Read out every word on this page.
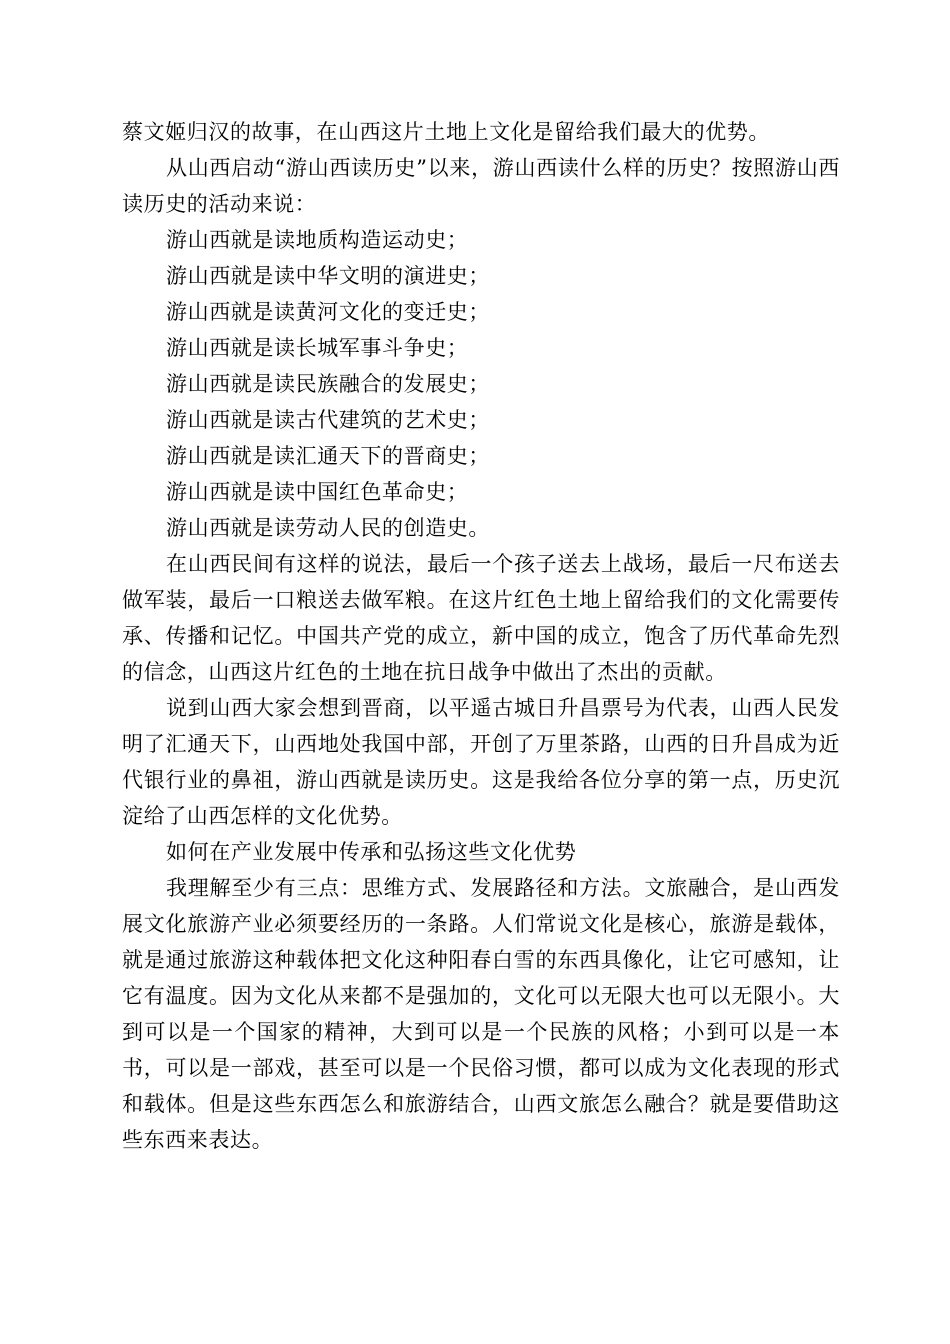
蔡文姬归汉的故事，在山西这片土地上文化是留给我们最大的优势。

从山西启动“游山西读历史”以来，游山西读什么样的历史？按照游山西读历史的活动来说：

游山西就是读地质构造运动史；

游山西就是读中华文明的演进史；

游山西就是读黄河文化的变迁史；

游山西就是读长城军事斗争史；

游山西就是读民族融合的发展史；

游山西就是读古代建筑的艺术史；

游山西就是读汇通天下的晋商史；

游山西就是读中国红色革命史；

游山西就是读劳动人民的创造史。

在山西民间有这样的说法，最后一个孩子送去上战场，最后一尺布送去做军装，最后一口粮送去做军粮。在这片红色土地上留给我们的文化需要传承、传播和记忆。中国共产党的成立，新中国的成立，饱含了历代革命先烈的信念，山西这片红色的土地在抗日战争中做出了杰出的贡献。

说到山西大家会想到晋商，以平遥古城日升昌票号为代表，山西人民发明了汇通天下，山西地处我国中部，开创了万里茶路，山西的日升昌成为近代银行业的鼻祖，游山西就是读历史。这是我给各位分享的第一点，历史沉淀给了山西怎样的文化优势。

如何在产业发展中传承和弘扬这些文化优势

我理解至少有三点：思维方式、发展路径和方法。文旅融合，是山西发展文化旅游产业必须要经历的一条路。人们常说文化是核心，旅游是载体，就是通过旅游这种载体把文化这种阳春白雪的东西具像化，让它可感知，让它有温度。因为文化从来都不是强加的，文化可以无限大也可以无限小。大到可以是一个国家的精神，大到可以是一个民族的风格；小到可以是一本书，可以是一部戏，甚至可以是一个民俗习惯，都可以成为文化表现的形式和载体。但是这些东西怎么和旅游结合，山西文旅怎么融合？就是要借助这些东西来表达。
